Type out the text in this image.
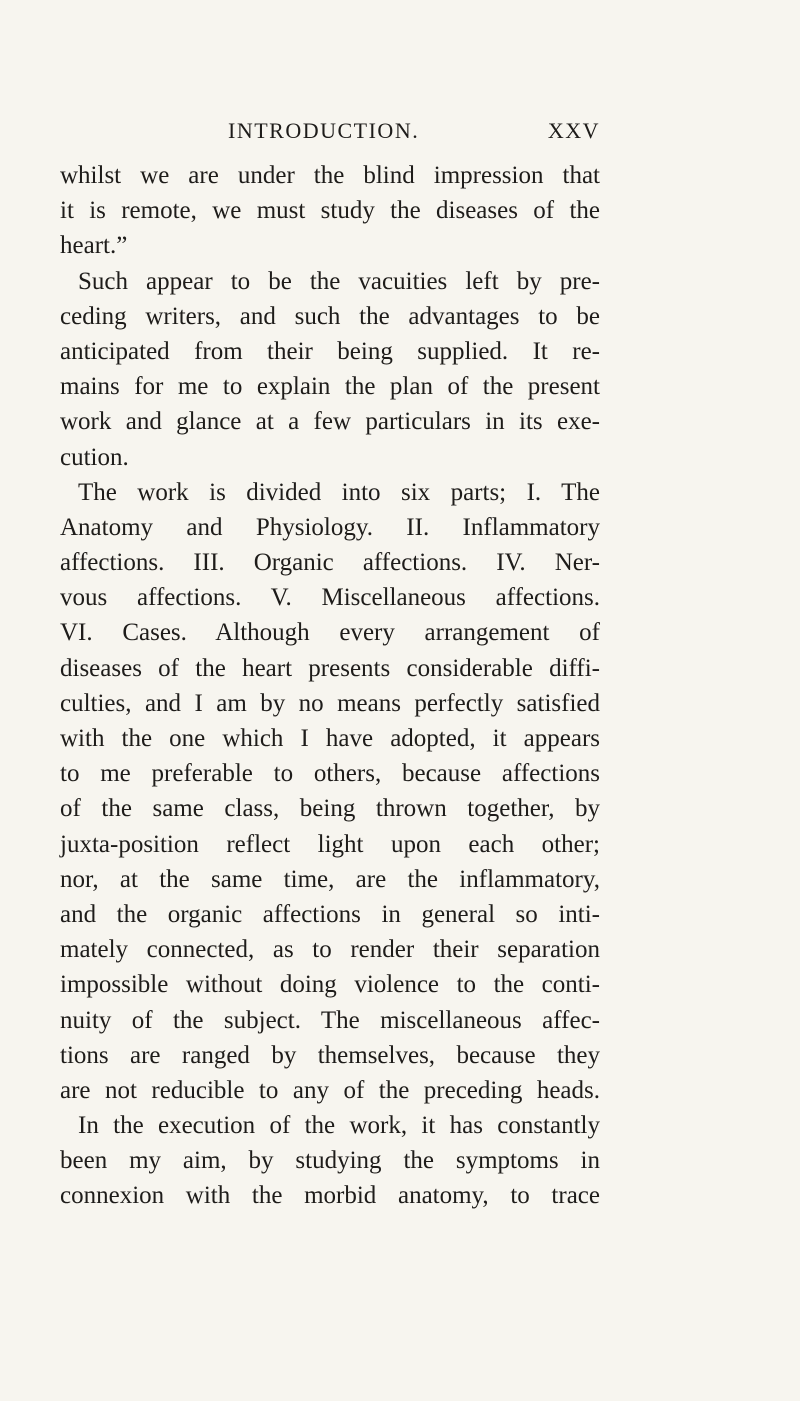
INTRODUCTION.	XXV
whilst we are under the blind impression that
it is remote, we must study the diseases of the
heart.”
Such appear to be the vacuities left by pre-
ceding writers, and such the advantages to be
anticipated from their being supplied. It re-
mains for me to explain the plan of the present
work and glance at a few particulars in its exe-
cution.
The work is divided into six parts; I. The
Anatomy and Physiology. II. Inflammatory
affections. III. Organic affections. IV. Ner-
vous affections. V. Miscellaneous affections.
VI. Cases. Although every arrangement of
diseases of the heart presents considerable diffi-
culties, and I am by no means perfectly satisfied
with the one which I have adopted, it appears
to me preferable to others, because affections
of the same class, being thrown together, by
juxta-position reflect light upon each other;
nor, at the same time, are the inflammatory,
and the organic affections in general so inti-
mately connected, as to render their separation
impossible without doing violence to the conti-
nuity of the subject. The miscellaneous affec-
tions are ranged by themselves, because they
are not reducible to any of the preceding heads.
In the execution of the work, it has constantly
been my aim, by studying the symptoms in
connexion with the morbid anatomy, to trace
